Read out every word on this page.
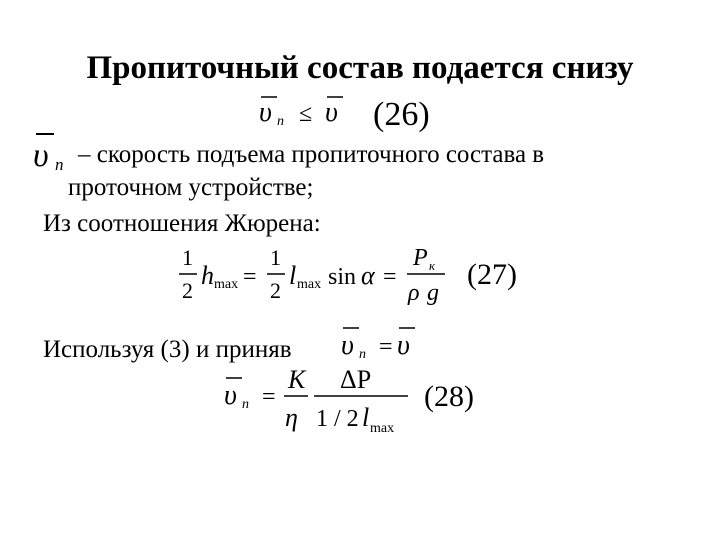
Пропиточный состав подается снизу
υ п ≤ υ (26)
υ п – скорость подъема пропиточного состава в
проточном устройстве;
Из соотношения Жюрена:
1
2
h max =
1
2
l max sin α =
P к
ρ g
(27)
Используя (3) и приняв υ п = υ
υ п =
K
η
ΔP
1 / 2 l max
(28)
